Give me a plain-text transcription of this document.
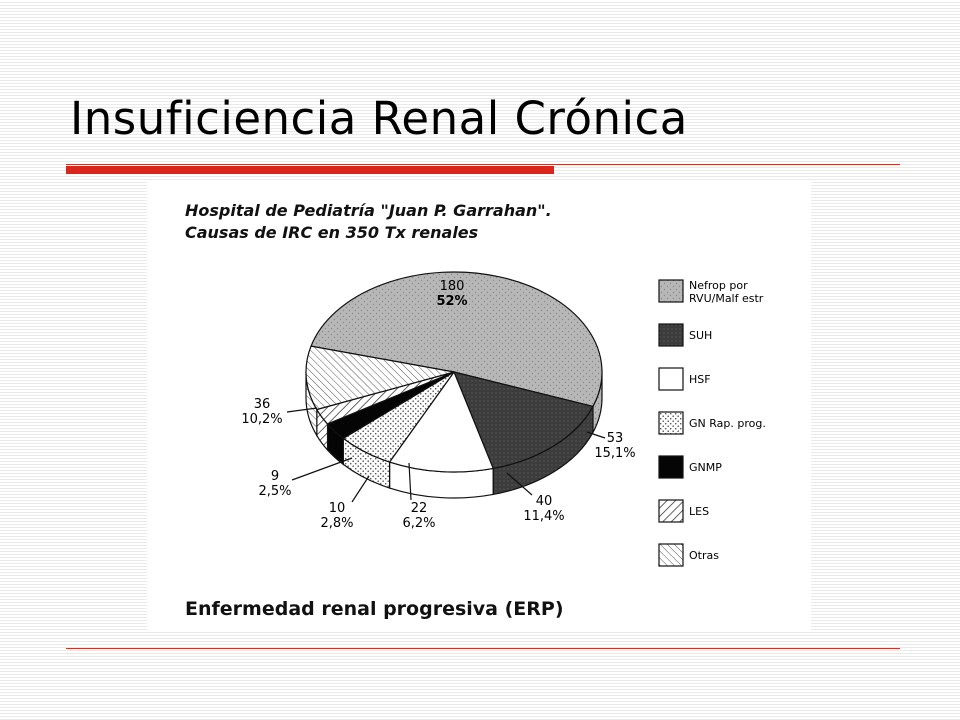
Insuficiencia Renal Crónica
Hospital de Pediatría "Juan P. Garrahan".
Causas de IRC en 350 Tx renales
180
52%
53
15,1%
40
11,4%
22
6,2%
10
2,8%
9
2,5%
36
10,2%
Nefrop por
RVU/Malf estr
SUH
HSF
GN Rap. prog.
GNMP
LES
Otras
Enfermedad renal progresiva (ERP)
